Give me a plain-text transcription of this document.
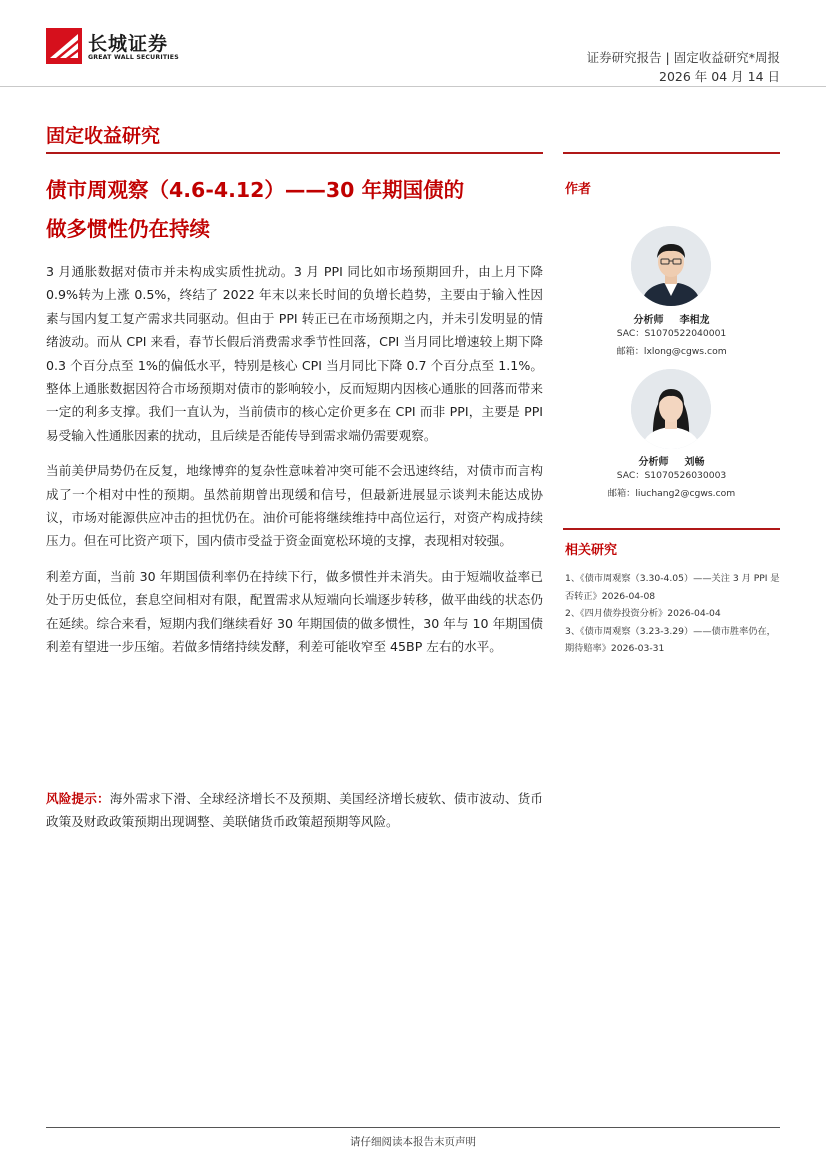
长城证券
GREAT WALL SECURITIES	证券研究报告 | 固定收益研究*周报
2026 年 04 月 14 日
固定收益研究
债市周观察（4.6-4.12）——30 年期国债的
做多惯性仍在持续

3 月通胀数据对债市并未构成实质性扰动。3 月 PPI 同比如市场预期回升，由上月下降 0.9%转为上涨 0.5%，终结了 2022 年末以来长时间的负增长趋势，主要由于输入性因素与国内复工复产需求共同驱动。但由于 PPI 转正已在市场预期之内，并未引发明显的情绪波动。而从 CPI 来看，春节长假后消费需求季节性回落，CPI 当月同比增速较上期下降 0.3 个百分点至 1%的偏低水平，特别是核心 CPI 当月同比下降 0.7 个百分点至 1.1%。整体上通胀数据因符合市场预期对债市的影响较小，反而短期内因核心通胀的回落而带来一定的利多支撑。我们一直认为，当前债市的核心定价更多在 CPI 而非 PPI，主要是 PPI 易受输入性通胀因素的扰动，且后续是否能传导到需求端仍需要观察。

当前美伊局势仍在反复，地缘博弈的复杂性意味着冲突可能不会迅速终结，对债市而言构成了一个相对中性的预期。虽然前期曾出现缓和信号，但最新进展显示谈判未能达成协议，市场对能源供应冲击的担忧仍在。油价可能将继续维持中高位运行，对资产构成持续压力。但在可比资产项下，国内债市受益于资金面宽松环境的支撑，表现相对较强。

利差方面，当前 30 年期国债利率仍在持续下行，做多惯性并未消失。由于短端收益率已处于历史低位，套息空间相对有限，配置需求从短端向长端逐步转移，做平曲线的状态仍在延续。综合来看，短期内我们继续看好 30 年期国债的做多惯性，30 年与 10 年期国债利差有望进一步压缩。若做多情绪持续发酵，利差可能收窄至 45BP 左右的水平。

风险提示：海外需求下滑、全球经济增长不及预期、美国经济增长疲软、债市波动、货币政策及财政政策预期出现调整、美联储货币政策超预期等风险。
作者
分析师 李相龙
SAC：S1070522040001
邮箱：lxlong@cgws.com
分析师 刘畅
SAC：S1070526030003
邮箱：liuchang2@cgws.com
相关研究
1、《债市周观察（3.30-4.05）——关注 3 月 PPI 是否转正》2026-04-08
2、《四月债券投资分析》2026-04-04
3、《债市周观察（3.23-3.29）——债市胜率仍在，期待赔率》2026-03-31
请仔细阅读本报告末页声明
